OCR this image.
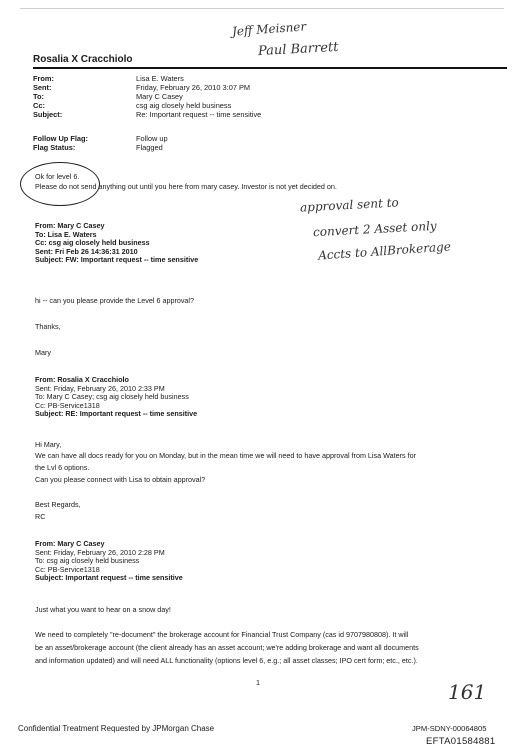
Jeff Meisner
Paul Barrett
Rosalia X Cracchiolo
From:	Lisa E. Waters
Sent:	Friday, February 26, 2010 3:07 PM
To:	Mary C Casey
Cc:	csg aig closely held business
Subject:	Re: Important request -- time sensitive
Follow Up Flag:	Follow up
Flag Status:	Flagged
Ok for level 6.
Please do not send anything out until you here from mary casey. Investor is not yet decided on.
approval sent to
convert 2 Asset only
Accts to AllBrokerage
From: Mary C Casey
To: Lisa E. Waters
Cc: csg aig closely held business
Sent: Fri Feb 26 14:36:31 2010
Subject: FW: Important request -- time sensitive
hi -- can you please provide the Level 6 approval?
Thanks,
Mary
From: Rosalia X Cracchiolo
Sent: Friday, February 26, 2010 2:33 PM
To: Mary C Casey; csg aig closely held business
Cc: PB-Service1318
Subject: RE: Important request -- time sensitive
Hi Mary,
We can have all docs ready for you on Monday, but in the mean time we will need to have approval from Lisa Waters for
the Lvl 6 options.
Can you please connect with Lisa to obtain approval?
Best Regards,
RC
From: Mary C Casey
Sent: Friday, February 26, 2010 2:28 PM
To: csg aig closely held business
Cc: PB-Service1318
Subject: Important request -- time sensitive
Just what you want to hear on a snow day!
We need to completely "re-document" the brokerage account for Financial Trust Company (cas id 9707980808). It will
be an asset/brokerage account (the client already has an asset account; we're adding brokerage and want all documents
and information updated) and will need ALL functionality (options level 6, e.g.; all asset classes; IPO cert form; etc., etc.).
1	161
Confidential Treatment Requested by JPMorgan Chase	JPM-SDNY-00064805
EFTA01584881
